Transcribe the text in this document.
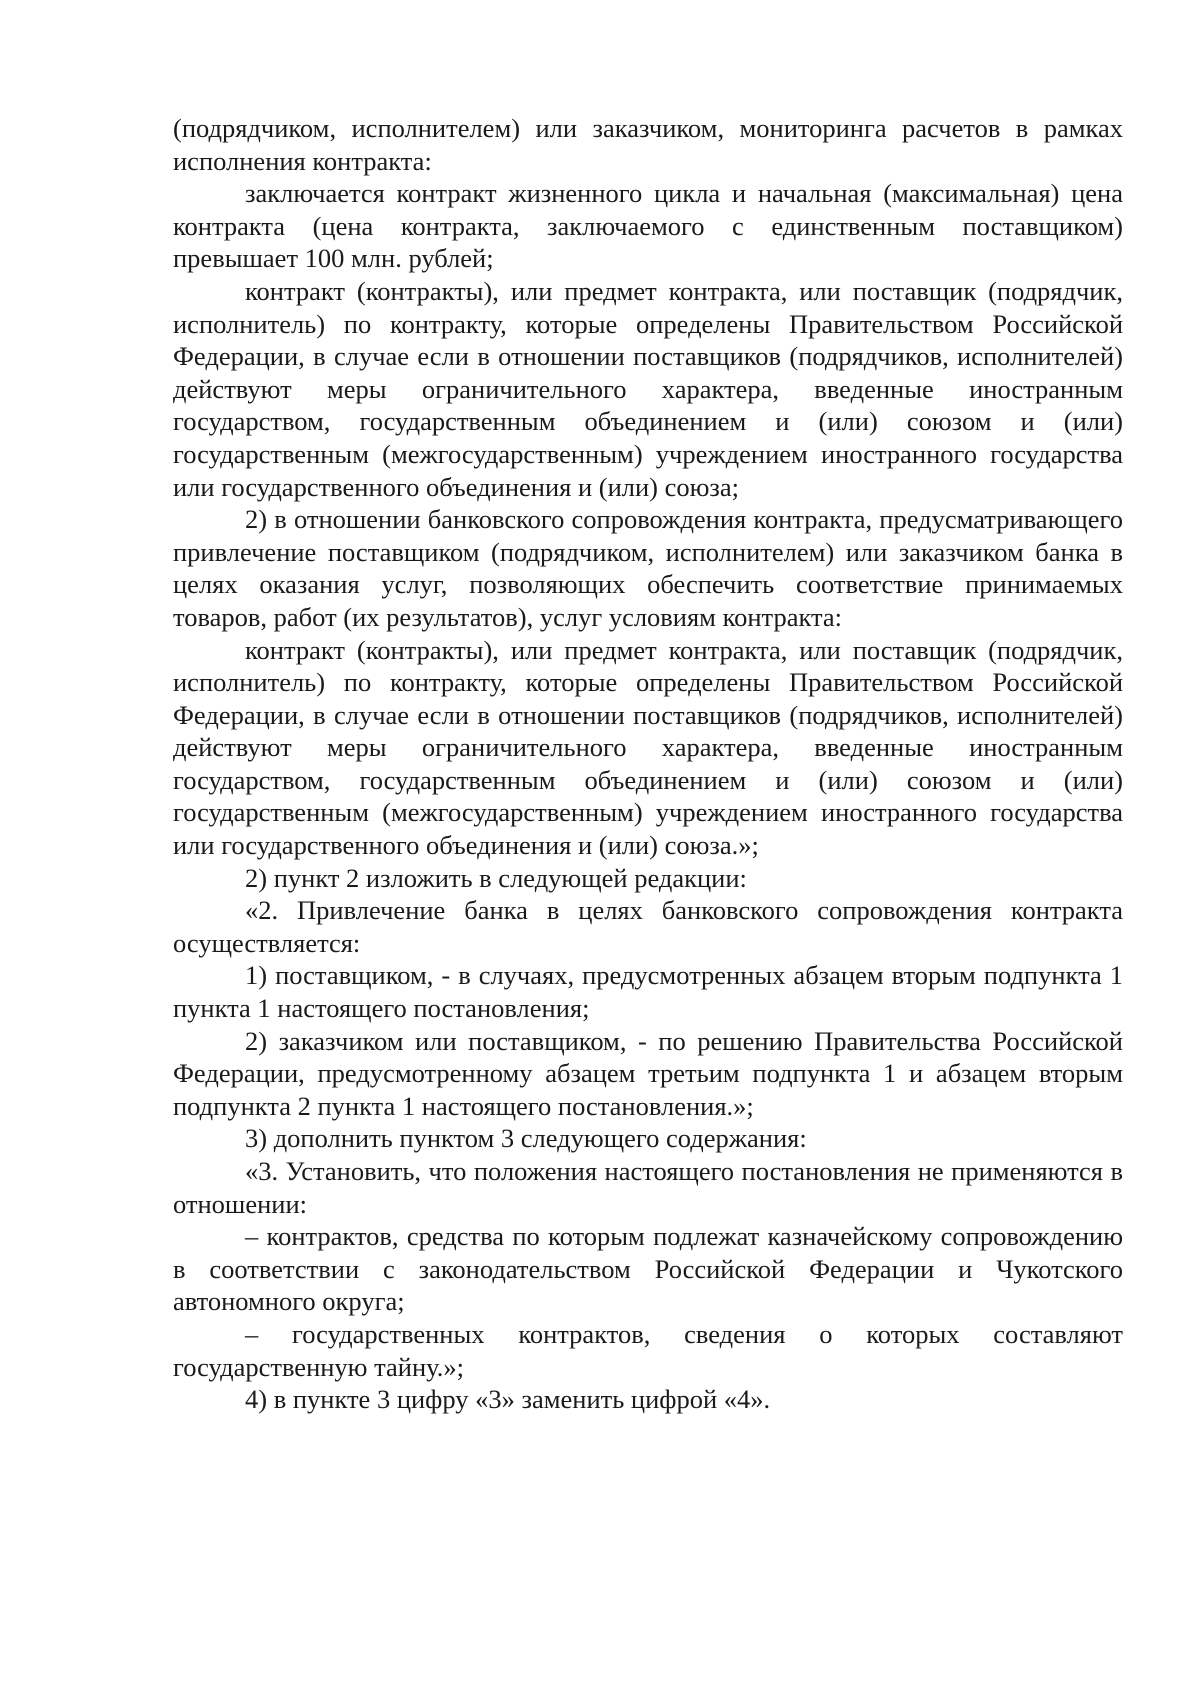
(подрядчиком, исполнителем) или заказчиком, мониторинга расчетов в рамках исполнения контракта:

заключается контракт жизненного цикла и начальная (максимальная) цена контракта (цена контракта, заключаемого с единственным поставщиком) превышает 100 млн. рублей;

контракт (контракты), или предмет контракта, или поставщик (подрядчик, исполнитель) по контракту, которые определены Правительством Российской Федерации, в случае если в отношении поставщиков (подрядчиков, исполнителей) действуют меры ограничительного характера, введенные иностранным государством, государственным объединением и (или) союзом и (или) государственным (межгосударственным) учреждением иностранного государства или государственного объединения и (или) союза;

2) в отношении банковского сопровождения контракта, предусматривающего привлечение поставщиком (подрядчиком, исполнителем) или заказчиком банка в целях оказания услуг, позволяющих обеспечить соответствие принимаемых товаров, работ (их результатов), услуг условиям контракта:

контракт (контракты), или предмет контракта, или поставщик (подрядчик, исполнитель) по контракту, которые определены Правительством Российской Федерации, в случае если в отношении поставщиков (подрядчиков, исполнителей) действуют меры ограничительного характера, введенные иностранным государством, государственным объединением и (или) союзом и (или) государственным (межгосударственным) учреждением иностранного государства или государственного объединения и (или) союза.»;

2) пункт 2 изложить в следующей редакции:

«2. Привлечение банка в целях банковского сопровождения контракта осуществляется:

1) поставщиком, - в случаях, предусмотренных абзацем вторым подпункта 1 пункта 1 настоящего постановления;

2) заказчиком или поставщиком, - по решению Правительства Российской Федерации, предусмотренному абзацем третьим подпункта 1 и абзацем вторым подпункта 2 пункта 1 настоящего постановления.»;

3) дополнить пунктом 3 следующего содержания:

«3. Установить, что положения настоящего постановления не применяются в отношении:

– контрактов, средства по которым подлежат казначейскому сопровождению в соответствии с законодательством Российской Федерации и Чукотского автономного округа;

– государственных контрактов, сведения о которых составляют государственную тайну.»;

4) в пункте 3 цифру «3» заменить цифрой «4».
